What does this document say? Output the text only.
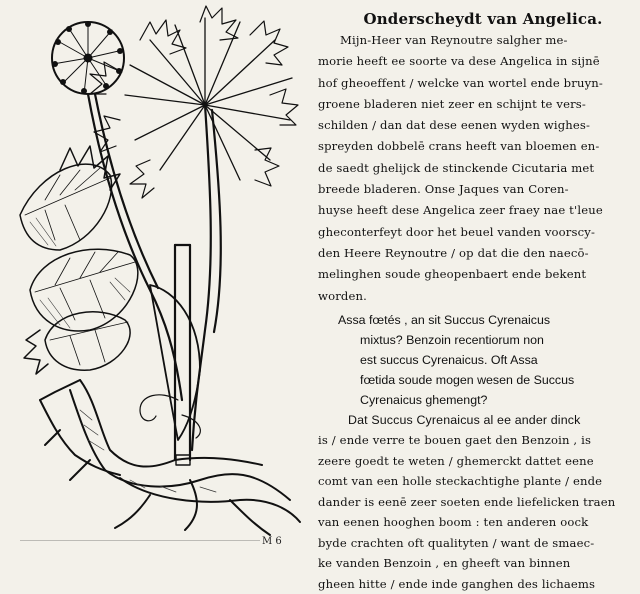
Onderscheydt van Angelica.
Mijn-Heer van Reynoutre salgher me-
morie heeft ee soorte va dese Angelica in sijnē
hof gheoeffent / welcke van wortel ende bruyn-
groene bladeren niet zeer en schijnt te vers-
schilden / dan dat dese eenen wyden wighes-
spreyden dobbelē crans heeft van bloemen en-
de saedt ghelijck de stinckende Cicutaria met
breede bladeren. Onse Jaques van Coren-
huyse heeft dese Angelica zeer fraey nae t'leue
gheconterfeyt door het beuel vanden voorscy-
den Heere Reynoutre / op dat die den naecō-
melinghen soude gheopenbaert ende bekent
worden.
Assa fœtés , an sit Succus Cyrenaicus
mixtus? Benzoin recentiorum non
est succus Cyrenaicus. Oft Assa
fœtida soude mogen wesen de Succus
Cyrenaicus ghemengt?
Dat Succus Cyrenaicus al ee ander dinck
is / ende verre te bouen gaet den Benzoin , is
zeere goedt te weten / ghemerckt dattet eene
comt van een holle steckachtighe plante / ende
dander is eenē zeer soeten ende liefelicken traen
van eenen hooghen boom : ten anderen oock
byde crachten oft qualityten / want de smaec-
ke vanden Benzoin , en gheeft van binnen
gheen hitte / ende inde ganghen des lichaems
M 6
